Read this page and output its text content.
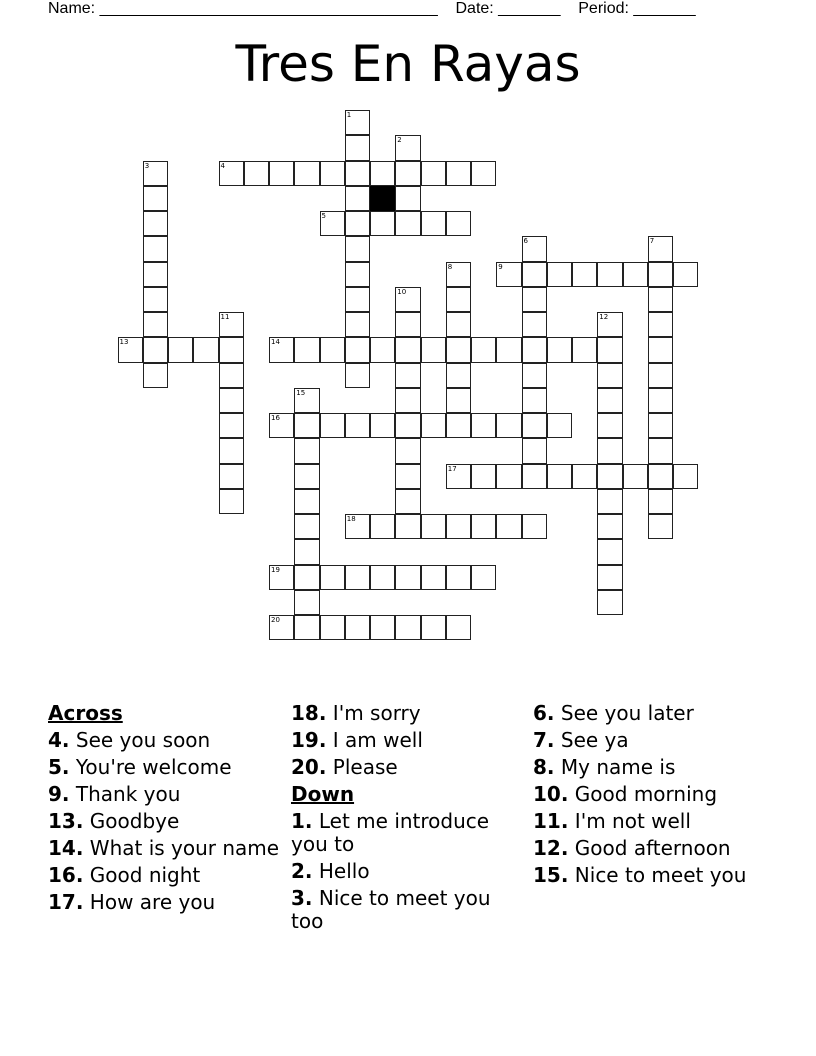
Name: ______________________________________    Date: _______    Period: _______
Tres En Rayas
1
2
3	4
5
6	7
8	9
10
11	12
13	14
15
16
17
18
19
20
Across
4. See you soon
5. You're welcome
9. Thank you
13. Goodbye
14. What is your name
16. Good night
17. How are you
18. I'm sorry
19. I am well
20. Please
Down
1. Let me introduce you to
2. Hello
3. Nice to meet you too
6. See you later
7. See ya
8. My name is
10. Good morning
11. I'm not well
12. Good afternoon
15. Nice to meet you
